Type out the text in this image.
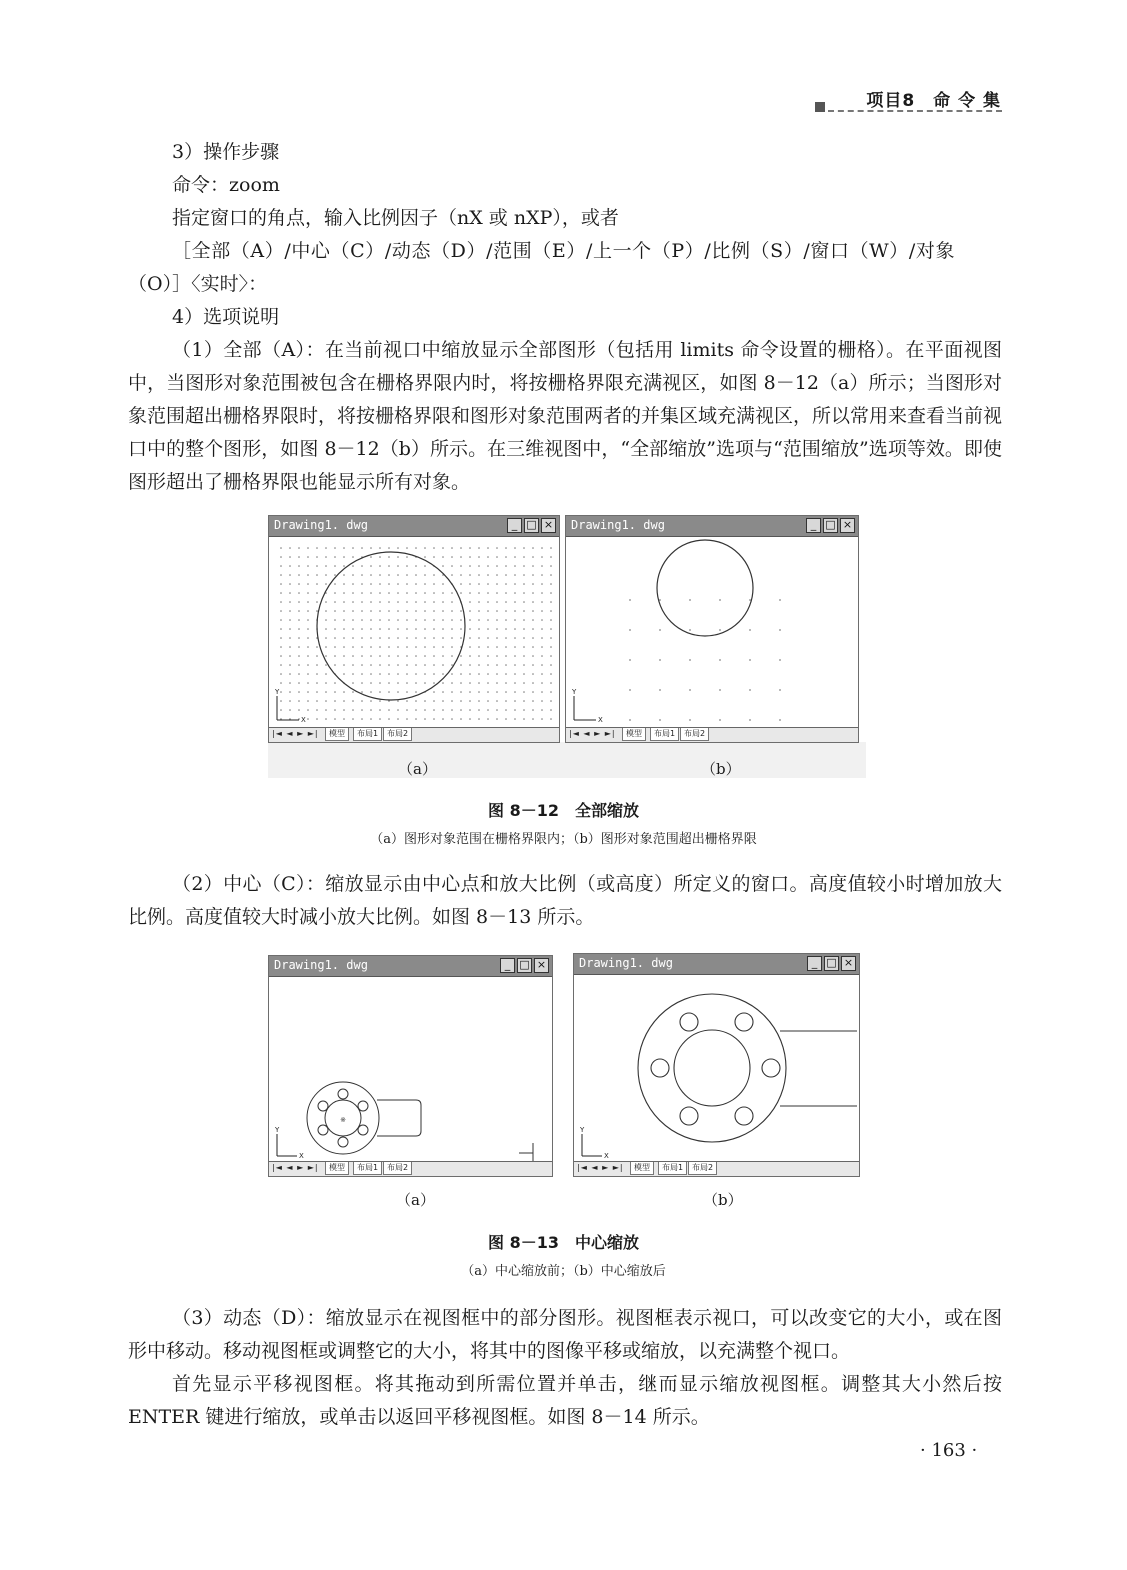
项目8　命 令 集
3）操作步骤
命令：zoom
指定窗口的角点，输入比例因子（nX 或 nXP），或者
［全部（A）/中心（C）/动态（D）/范围（E）/上一个（P）/比例（S）/窗口（W）/对象
（O）］〈实时〉：
4）选项说明

（1）全部（A）：在当前视口中缩放显示全部图形（包括用 limits 命令设置的栅格）。在平面视图中，当图形对象范围被包含在栅格界限内时，将按栅格界限充满视区，如图 8－12（a）所示；当图形对象范围超出栅格界限时，将按栅格界限和图形对象范围两者的并集区域充满视区，所以常用来查看当前视口中的整个图形，如图 8－12（b）所示。在三维视图中，“全部缩放”选项与“范围缩放”选项等效。即使图形超出了栅格界限也能显示所有对象。

Drawing1. dwg	_ □ ×
Y
X
|◄ ◄ ► ►|	模型	布局1	布局2
Drawing1. dwg	_ □ ×
Y
X
|◄ ◄ ► ►|	模型	布局1	布局2
（a）	（b）
图 8－12　全部缩放
（a）图形对象范围在栅格界限内；（b）图形对象范围超出栅格界限

（2）中心（C）：缩放显示由中心点和放大比例（或高度）所定义的窗口。高度值较小时增加放大比例。高度值较大时减小放大比例。如图 8－13 所示。

Drawing1. dwg	_ □ ×
※
Y
X
|◄ ◄ ► ►|	模型	布局1	布局2
Drawing1. dwg	_ □ ×
Y
X
|◄ ◄ ► ►|	模型	布局1	布局2
（a）	（b）
图 8－13　中心缩放
（a）中心缩放前；（b）中心缩放后

（3）动态（D）：缩放显示在视图框中的部分图形。视图框表示视口，可以改变它的大小，或在图形中移动。移动视图框或调整它的大小，将其中的图像平移或缩放，以充满整个视口。

首先显示平移视图框。将其拖动到所需位置并单击，继而显示缩放视图框。调整其大小然后按 ENTER 键进行缩放，或单击以返回平移视图框。如图 8－14 所示。

· 163 ·
